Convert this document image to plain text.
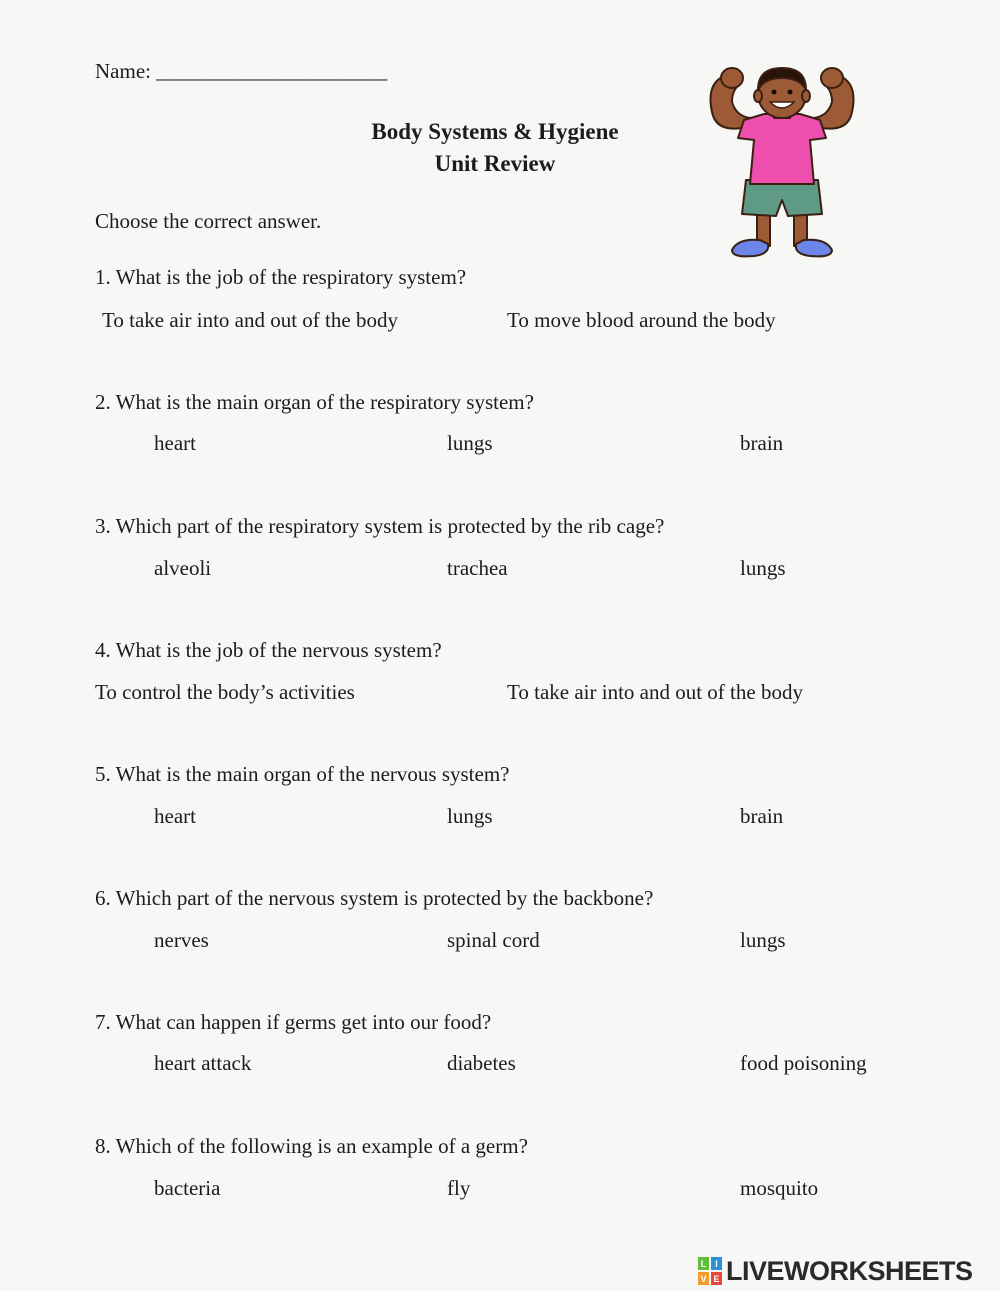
Name: ______________________
Body Systems & Hygiene
Unit Review
Choose the correct answer.
1. What is the job of the respiratory system?
To take air into and out of the body	To move blood around the body
2. What is the main organ of the respiratory system?
heart	lungs	brain
3. Which part of the respiratory system is protected by the rib cage?
alveoli	trachea	lungs
4. What is the job of the nervous system?
To control the body’s activities	To take air into and out of the body
5. What is the main organ of the nervous system?
heart	lungs	brain
6. Which part of the nervous system is protected by the backbone?
nerves	spinal cord	lungs
7. What can happen if germs get into our food?
heart attack	diabetes	food poisoning
8. Which of the following is an example of a germ?
bacteria	fly	mosquito
L I
V E LIVEWORKSHEETS
